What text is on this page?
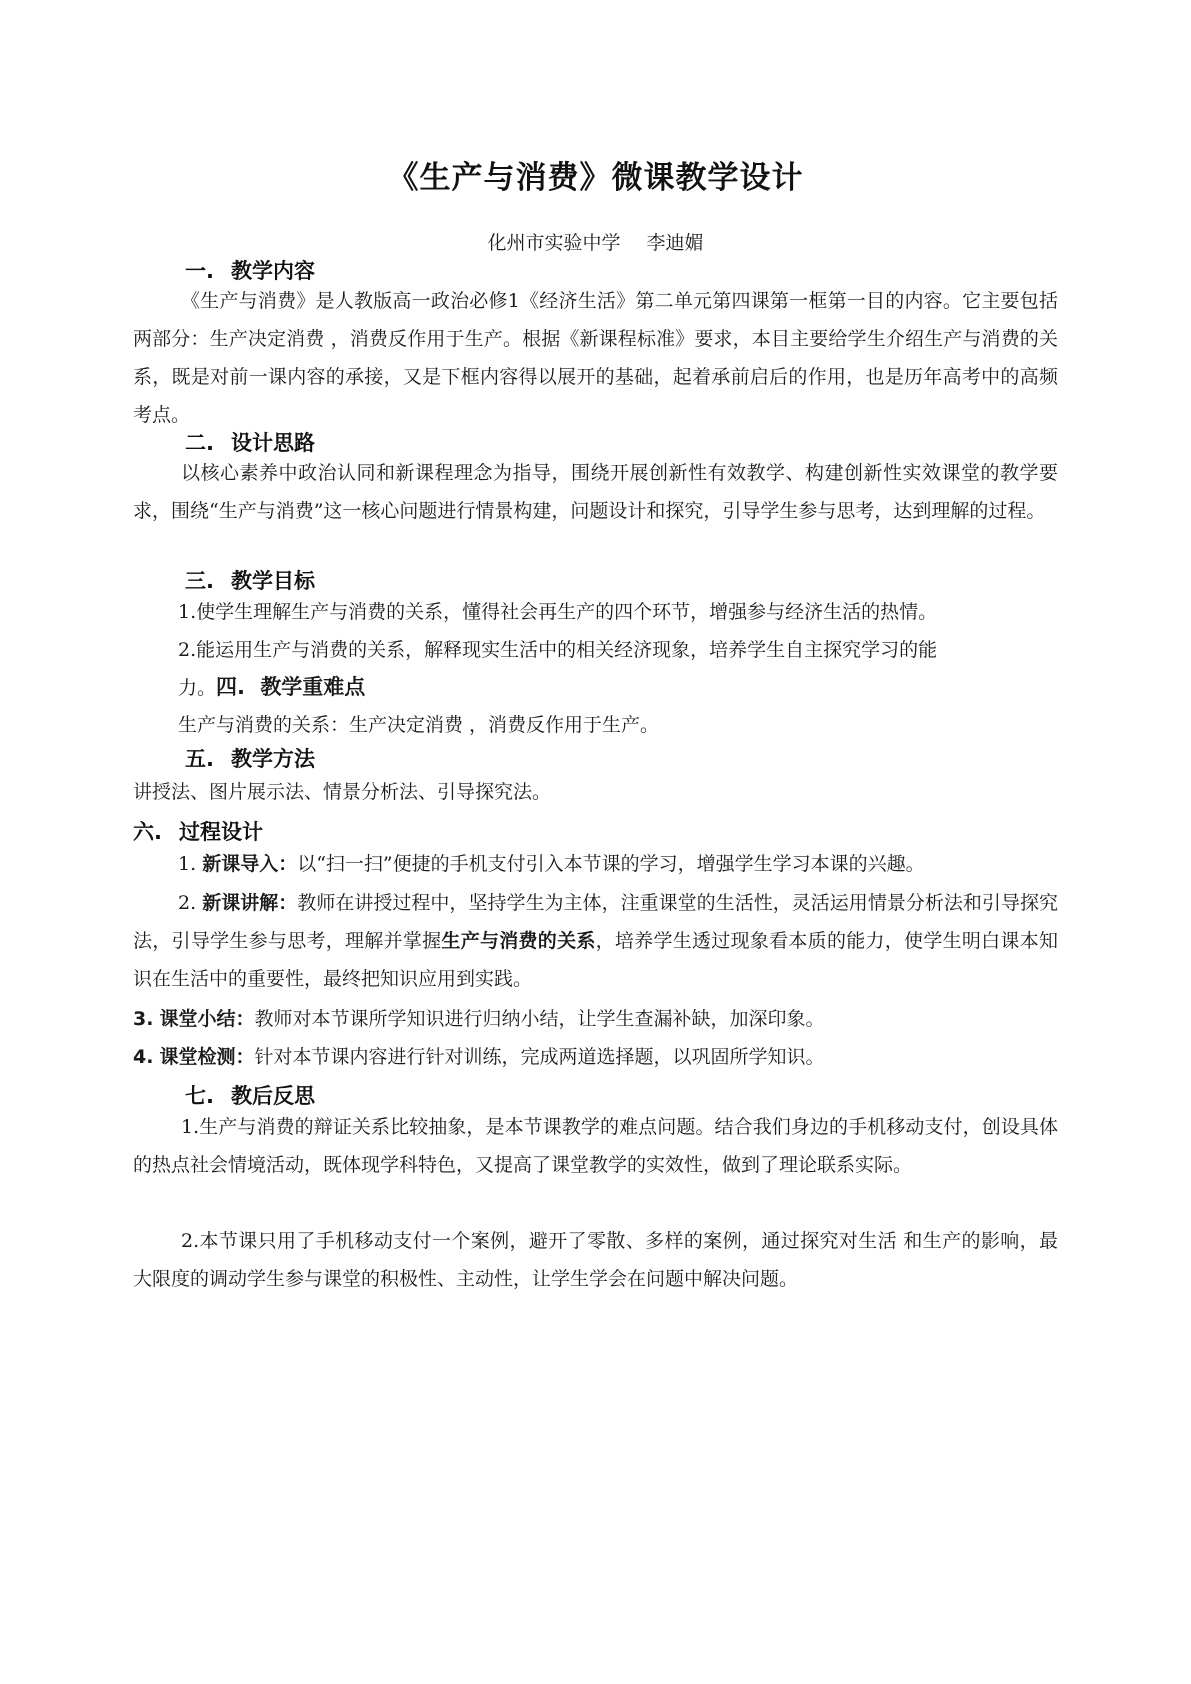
《生产与消费》微课教学设计
化州市实验中学 李迪媚
一. 教学内容
《生产与消费》是人教版高一政治必修1《经济生活》第二单元第四课第一框第一目的内容。它主要包括两部分：生产决定消费 ，消费反作用于生产。根据《新课程标准》要求，本目主要给学生介绍生产与消费的关系，既是对前一课内容的承接，又是下框内容得以展开的基础，起着承前启后的作用，也是历年高考中的高频考点。
二. 设计思路
以核心素养中政治认同和新课程理念为指导，围绕开展创新性有效教学、构建创新性实效课堂的教学要求，围绕“生产与消费”这一核心问题进行情景构建，问题设计和探究，引导学生参与思考，达到理解的过程。
三. 教学目标
1.使学生理解生产与消费的关系，懂得社会再生产的四个环节，增强参与经济生活的热情。
2.能运用生产与消费的关系，解释现实生活中的相关经济现象，培养学生自主探究学习的能
力。四. 教学重难点
生产与消费的关系：生产决定消费 ，消费反作用于生产。
五. 教学方法
讲授法、图片展示法、情景分析法、引导探究法。
六. 过程设计
1. 新课导入：以“扫一扫”便捷的手机支付引入本节课的学习，增强学生学习本课的兴趣。
2. 新课讲解：教师在讲授过程中，坚持学生为主体，注重课堂的生活性，灵活运用情景分析法和引导探究法，引导学生参与思考，理解并掌握生产与消费的关系，培养学生透过现象看本质的能力，使学生明白课本知识在生活中的重要性，最终把知识应用到实践。
3. 课堂小结：教师对本节课所学知识进行归纳小结，让学生查漏补缺，加深印象。
4. 课堂检测：针对本节课内容进行针对训练，完成两道选择题，以巩固所学知识。
七. 教后反思
1.生产与消费的辩证关系比较抽象，是本节课教学的难点问题。结合我们身边的手机移动支付，创设具体的热点社会情境活动，既体现学科特色，又提高了课堂教学的实效性，做到了理论联系实际。
2.本节课只用了手机移动支付一个案例，避开了零散、多样的案例，通过探究对生活 和生产的影响，最大限度的调动学生参与课堂的积极性、主动性，让学生学会在问题中解决问题。
